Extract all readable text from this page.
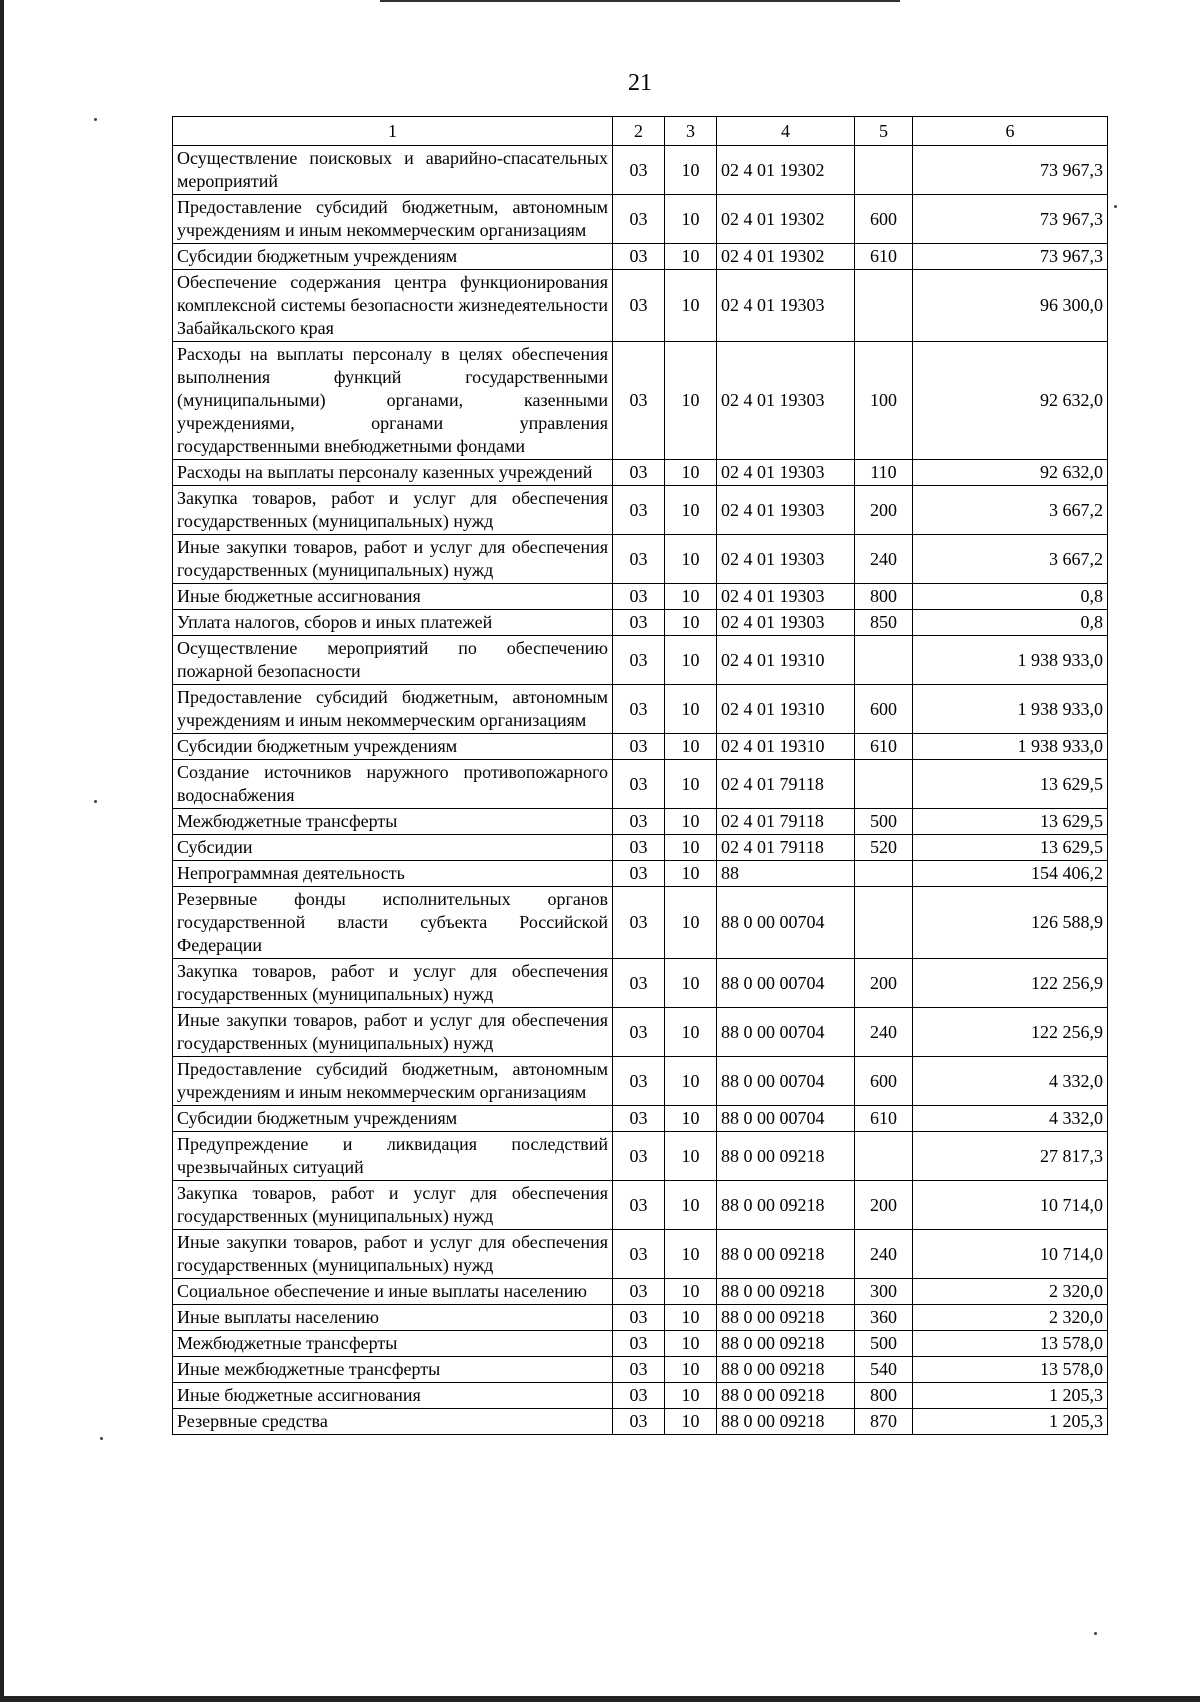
21
1	2	3	4	5	6
Осуществление поисковых и аварийно-спасательных мероприятий	03	10	02 4 01 19302		73 967,3
Предоставление субсидий бюджетным, автономным учреждениям и иным некоммерческим организациям	03	10	02 4 01 19302	600	73 967,3
Субсидии бюджетным учреждениям	03	10	02 4 01 19302	610	73 967,3
Обеспечение содержания центра функционирования комплексной системы безопасности жизнедеятельности Забайкальского края	03	10	02 4 01 19303		96 300,0
Расходы на выплаты персоналу в целях обеспечения выполнения функций государственными (муниципальными) органами, казенными учреждениями, органами управления государственными внебюджетными фондами	03	10	02 4 01 19303	100	92 632,0
Расходы на выплаты персоналу казенных учреждений	03	10	02 4 01 19303	110	92 632,0
Закупка товаров, работ и услуг для обеспечения государственных (муниципальных) нужд	03	10	02 4 01 19303	200	3 667,2
Иные закупки товаров, работ и услуг для обеспечения государственных (муниципальных) нужд	03	10	02 4 01 19303	240	3 667,2
Иные бюджетные ассигнования	03	10	02 4 01 19303	800	0,8
Уплата налогов, сборов и иных платежей	03	10	02 4 01 19303	850	0,8
Осуществление мероприятий по обеспечению пожарной безопасности	03	10	02 4 01 19310		1 938 933,0
Предоставление субсидий бюджетным, автономным учреждениям и иным некоммерческим организациям	03	10	02 4 01 19310	600	1 938 933,0
Субсидии бюджетным учреждениям	03	10	02 4 01 19310	610	1 938 933,0
Создание источников наружного противопожарного водоснабжения	03	10	02 4 01 79118		13 629,5
Межбюджетные трансферты	03	10	02 4 01 79118	500	13 629,5
Субсидии	03	10	02 4 01 79118	520	13 629,5
Непрограммная деятельность	03	10	88		154 406,2
Резервные фонды исполнительных органов государственной власти субъекта Российской Федерации	03	10	88 0 00 00704		126 588,9
Закупка товаров, работ и услуг для обеспечения государственных (муниципальных) нужд	03	10	88 0 00 00704	200	122 256,9
Иные закупки товаров, работ и услуг для обеспечения государственных (муниципальных) нужд	03	10	88 0 00 00704	240	122 256,9
Предоставление субсидий бюджетным, автономным учреждениям и иным некоммерческим организациям	03	10	88 0 00 00704	600	4 332,0
Субсидии бюджетным учреждениям	03	10	88 0 00 00704	610	4 332,0
Предупреждение и ликвидация последствий чрезвычайных ситуаций	03	10	88 0 00 09218		27 817,3
Закупка товаров, работ и услуг для обеспечения государственных (муниципальных) нужд	03	10	88 0 00 09218	200	10 714,0
Иные закупки товаров, работ и услуг для обеспечения государственных (муниципальных) нужд	03	10	88 0 00 09218	240	10 714,0
Социальное обеспечение и иные выплаты населению	03	10	88 0 00 09218	300	2 320,0
Иные выплаты населению	03	10	88 0 00 09218	360	2 320,0
Межбюджетные трансферты	03	10	88 0 00 09218	500	13 578,0
Иные межбюджетные трансферты	03	10	88 0 00 09218	540	13 578,0
Иные бюджетные ассигнования	03	10	88 0 00 09218	800	1 205,3
Резервные средства	03	10	88 0 00 09218	870	1 205,3
